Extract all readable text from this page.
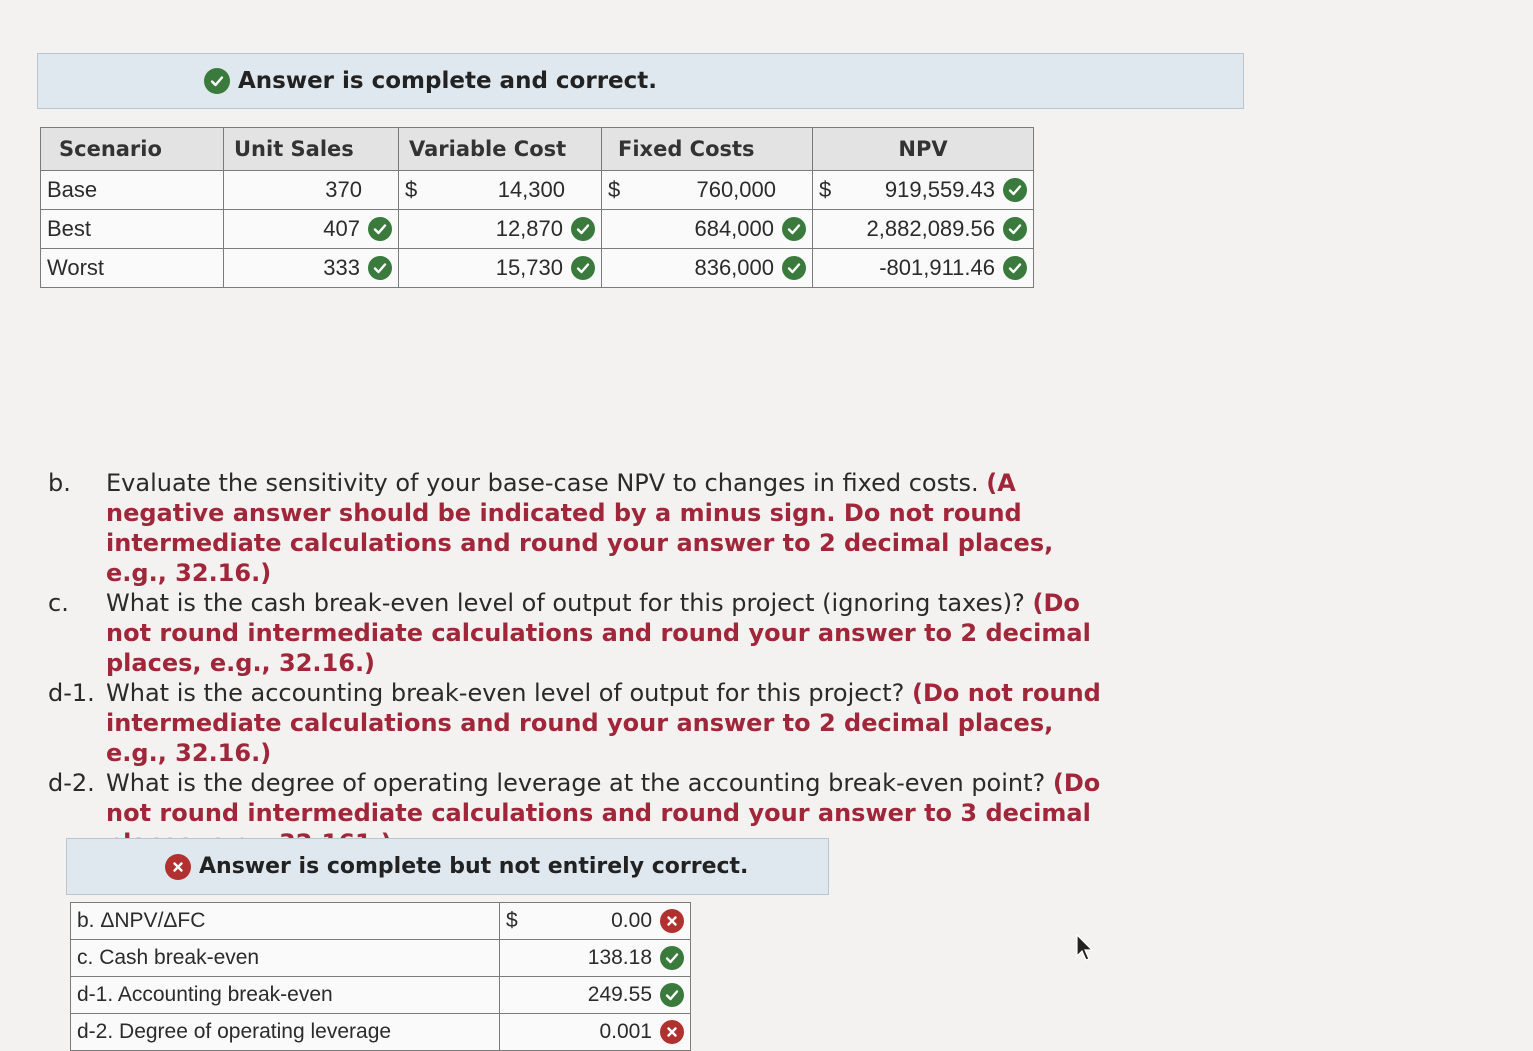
Answer is complete and correct.
Scenario	Unit Sales	Variable Cost	Fixed Costs	NPV
Base	370	$ 14,300	$ 760,000	$ 919,559.43

Best	407	12,870	684,000	2,882,089.56

Worst	333	15,730	836,000	-801,911.46
b.	Evaluate the sensitivity of your base-case NPV to changes in fixed costs. (A negative answer should be indicated by a minus sign. Do not round intermediate calculations and round your answer to 2 decimal places, e.g., 32.16.)
c.	What is the cash break-even level of output for this project (ignoring taxes)? (Do not round intermediate calculations and round your answer to 2 decimal places, e.g., 32.16.)
d-1. What is the accounting break-even level of output for this project? (Do not round intermediate calculations and round your answer to 2 decimal places, e.g., 32.16.)
d-2. What is the degree of operating leverage at the accounting break-even point? (Do not round intermediate calculations and round your answer to 3 decimal
Answer is complete but not entirely correct.
b. ΔNPV/ΔFC	$ 0.00

c. Cash break-even	138.18

d-1. Accounting break-even	249.55

d-2. Degree of operating leverage	0.001
